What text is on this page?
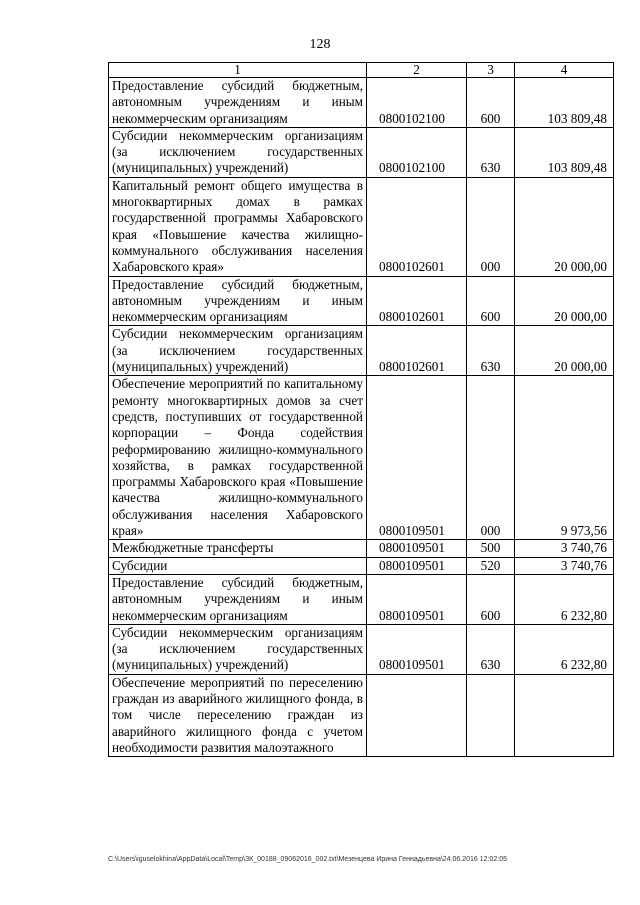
128
1	2	3	4
Предоставление субсидий бюджетным, автономным учреждениям и иным некоммерческим организациям	0800102100	600	103 809,48
Субсидии некоммерческим организациям (за исключением государственных (муниципальных) учреждений)	0800102100	630	103 809,48
Капитальный ремонт общего имущества в многоквартирных домах в рамках государственной программы Хабаровского края «Повышение качества жилищно-коммунального обслуживания населения Хабаровского края»	0800102601	000	20 000,00
Предоставление субсидий бюджетным, автономным учреждениям и иным некоммерческим организациям	0800102601	600	20 000,00
Субсидии некоммерческим организациям (за исключением государственных (муниципальных) учреждений)	0800102601	630	20 000,00
Обеспечение мероприятий по капитальному ремонту многоквартирных домов за счет средств, поступивших от государственной корпорации – Фонда содействия реформированию жилищно-коммунального хозяйства, в рамках государственной программы Хабаровского края «Повышение качества жилищно-коммунального обслуживания населения Хабаровского края»	0800109501	000	9 973,56
Межбюджетные трансферты	0800109501	500	3 740,76
Субсидии	0800109501	520	3 740,76
Предоставление субсидий бюджетным, автономным учреждениям и иным некоммерческим организациям	0800109501	600	6 232,80
Субсидии некоммерческим организациям (за исключением государственных (муниципальных) учреждений)	0800109501	630	6 232,80
Обеспечение мероприятий по переселению граждан из аварийного жилищного фонда, в том числе переселению граждан из аварийного жилищного фонда с учетом необходимости развития малоэтажного			
C:\Users\iguselokhina\AppData\Local\Temp\ЗК_00188_09062016_002.txt\Мезенцева Ирина Геннадьевна\24.06.2016 12:02:05
